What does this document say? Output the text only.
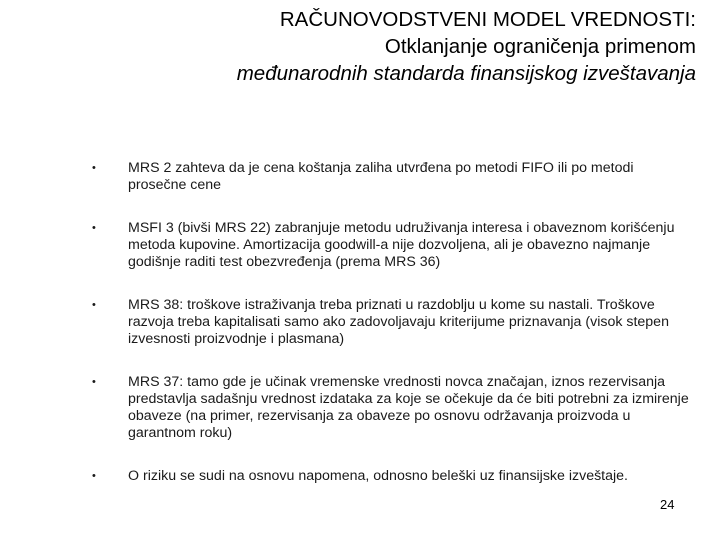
RAČUNOVODSTVENI MODEL VREDNOSTI:
Otklanjanje ograničenja primenom
međunarodnih standarda finansijskog izveštavanja
• MRS 2 zahteva da je cena koštanja zaliha utvrđena po metodi FIFO ili po metodi prosečne cene
• MSFI 3 (bivši MRS 22) zabranjuje metodu udruživanja interesa i obaveznom korišćenju metoda kupovine. Amortizacija goodwill-a nije dozvoljena, ali je obavezno najmanje godišnje raditi test obezvređenja (prema MRS 36)
• MRS 38: troškove istraživanja treba priznati u razdoblju u kome su nastali. Troškove razvoja treba kapitalisati samo ako zadovoljavaju kriterijume priznavanja (visok stepen izvesnosti proizvodnje i plasmana)
• MRS 37: tamo gde je učinak vremenske vrednosti novca značajan, iznos rezervisanja predstavlja sadašnju vrednost izdataka za koje se očekuje da će biti potrebni za izmirenje obaveze (na primer, rezervisanja za obaveze po osnovu održavanja proizvoda u garantnom roku)
• O riziku se sudi na osnovu napomena, odnosno beleški uz finansijske izveštaje.
24
